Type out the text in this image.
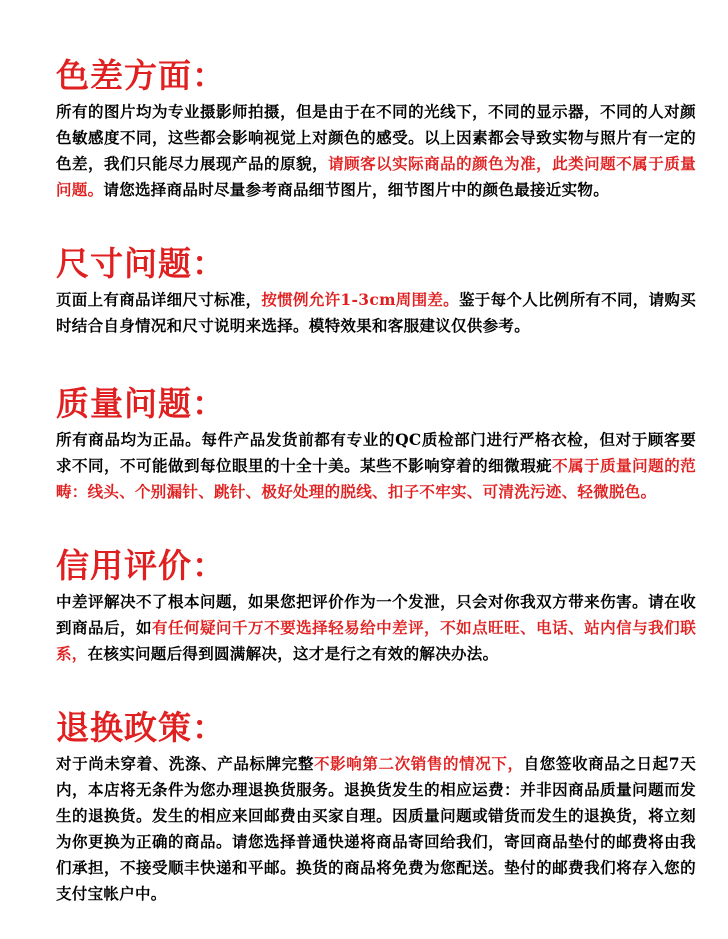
色差方面：
所有的图片均为专业摄影师拍摄，但是由于在不同的光线下，不同的显示器，不同的人对颜色敏感度不同，这些都会影响视觉上对颜色的感受。以上因素都会导致实物与照片有一定的色差，我们只能尽力展现产品的原貌，请顾客以实际商品的颜色为准，此类问题不属于质量问题。请您选择商品时尽量参考商品细节图片，细节图片中的颜色最接近实物。
尺寸问题：
页面上有商品详细尺寸标准，按惯例允许1-3cm周围差。鉴于每个人比例所有不同，请购买时结合自身情况和尺寸说明来选择。模特效果和客服建议仅供参考。
质量问题：
所有商品均为正品。每件产品发货前都有专业的QC质检部门进行严格衣检，但对于顾客要求不同，不可能做到每位眼里的十全十美。某些不影响穿着的细微瑕疵不属于质量问题的范畴：线头、个别漏针、跳针、极好处理的脱线、扣子不牢实、可清洗污迹、轻微脱色。
信用评价：
中差评解决不了根本问题，如果您把评价作为一个发泄，只会对你我双方带来伤害。请在收到商品后，如有任何疑问千万不要选择轻易给中差评，不如点旺旺、电话、站内信与我们联系，在核实问题后得到圆满解决，这才是行之有效的解决办法。
退换政策：
对于尚未穿着、洗涤、产品标牌完整不影响第二次销售的情况下，自您签收商品之日起7天内，本店将无条件为您办理退换货服务。退换货发生的相应运费：并非因商品质量问题而发生的退换货。发生的相应来回邮费由买家自理。因质量问题或错货而发生的退换货，将立刻为你更换为正确的商品。请您选择普通快递将商品寄回给我们，寄回商品垫付的邮费将由我们承担，不接受顺丰快递和平邮。换货的商品将免费为您配送。垫付的邮费我们将存入您的支付宝帐户中。
